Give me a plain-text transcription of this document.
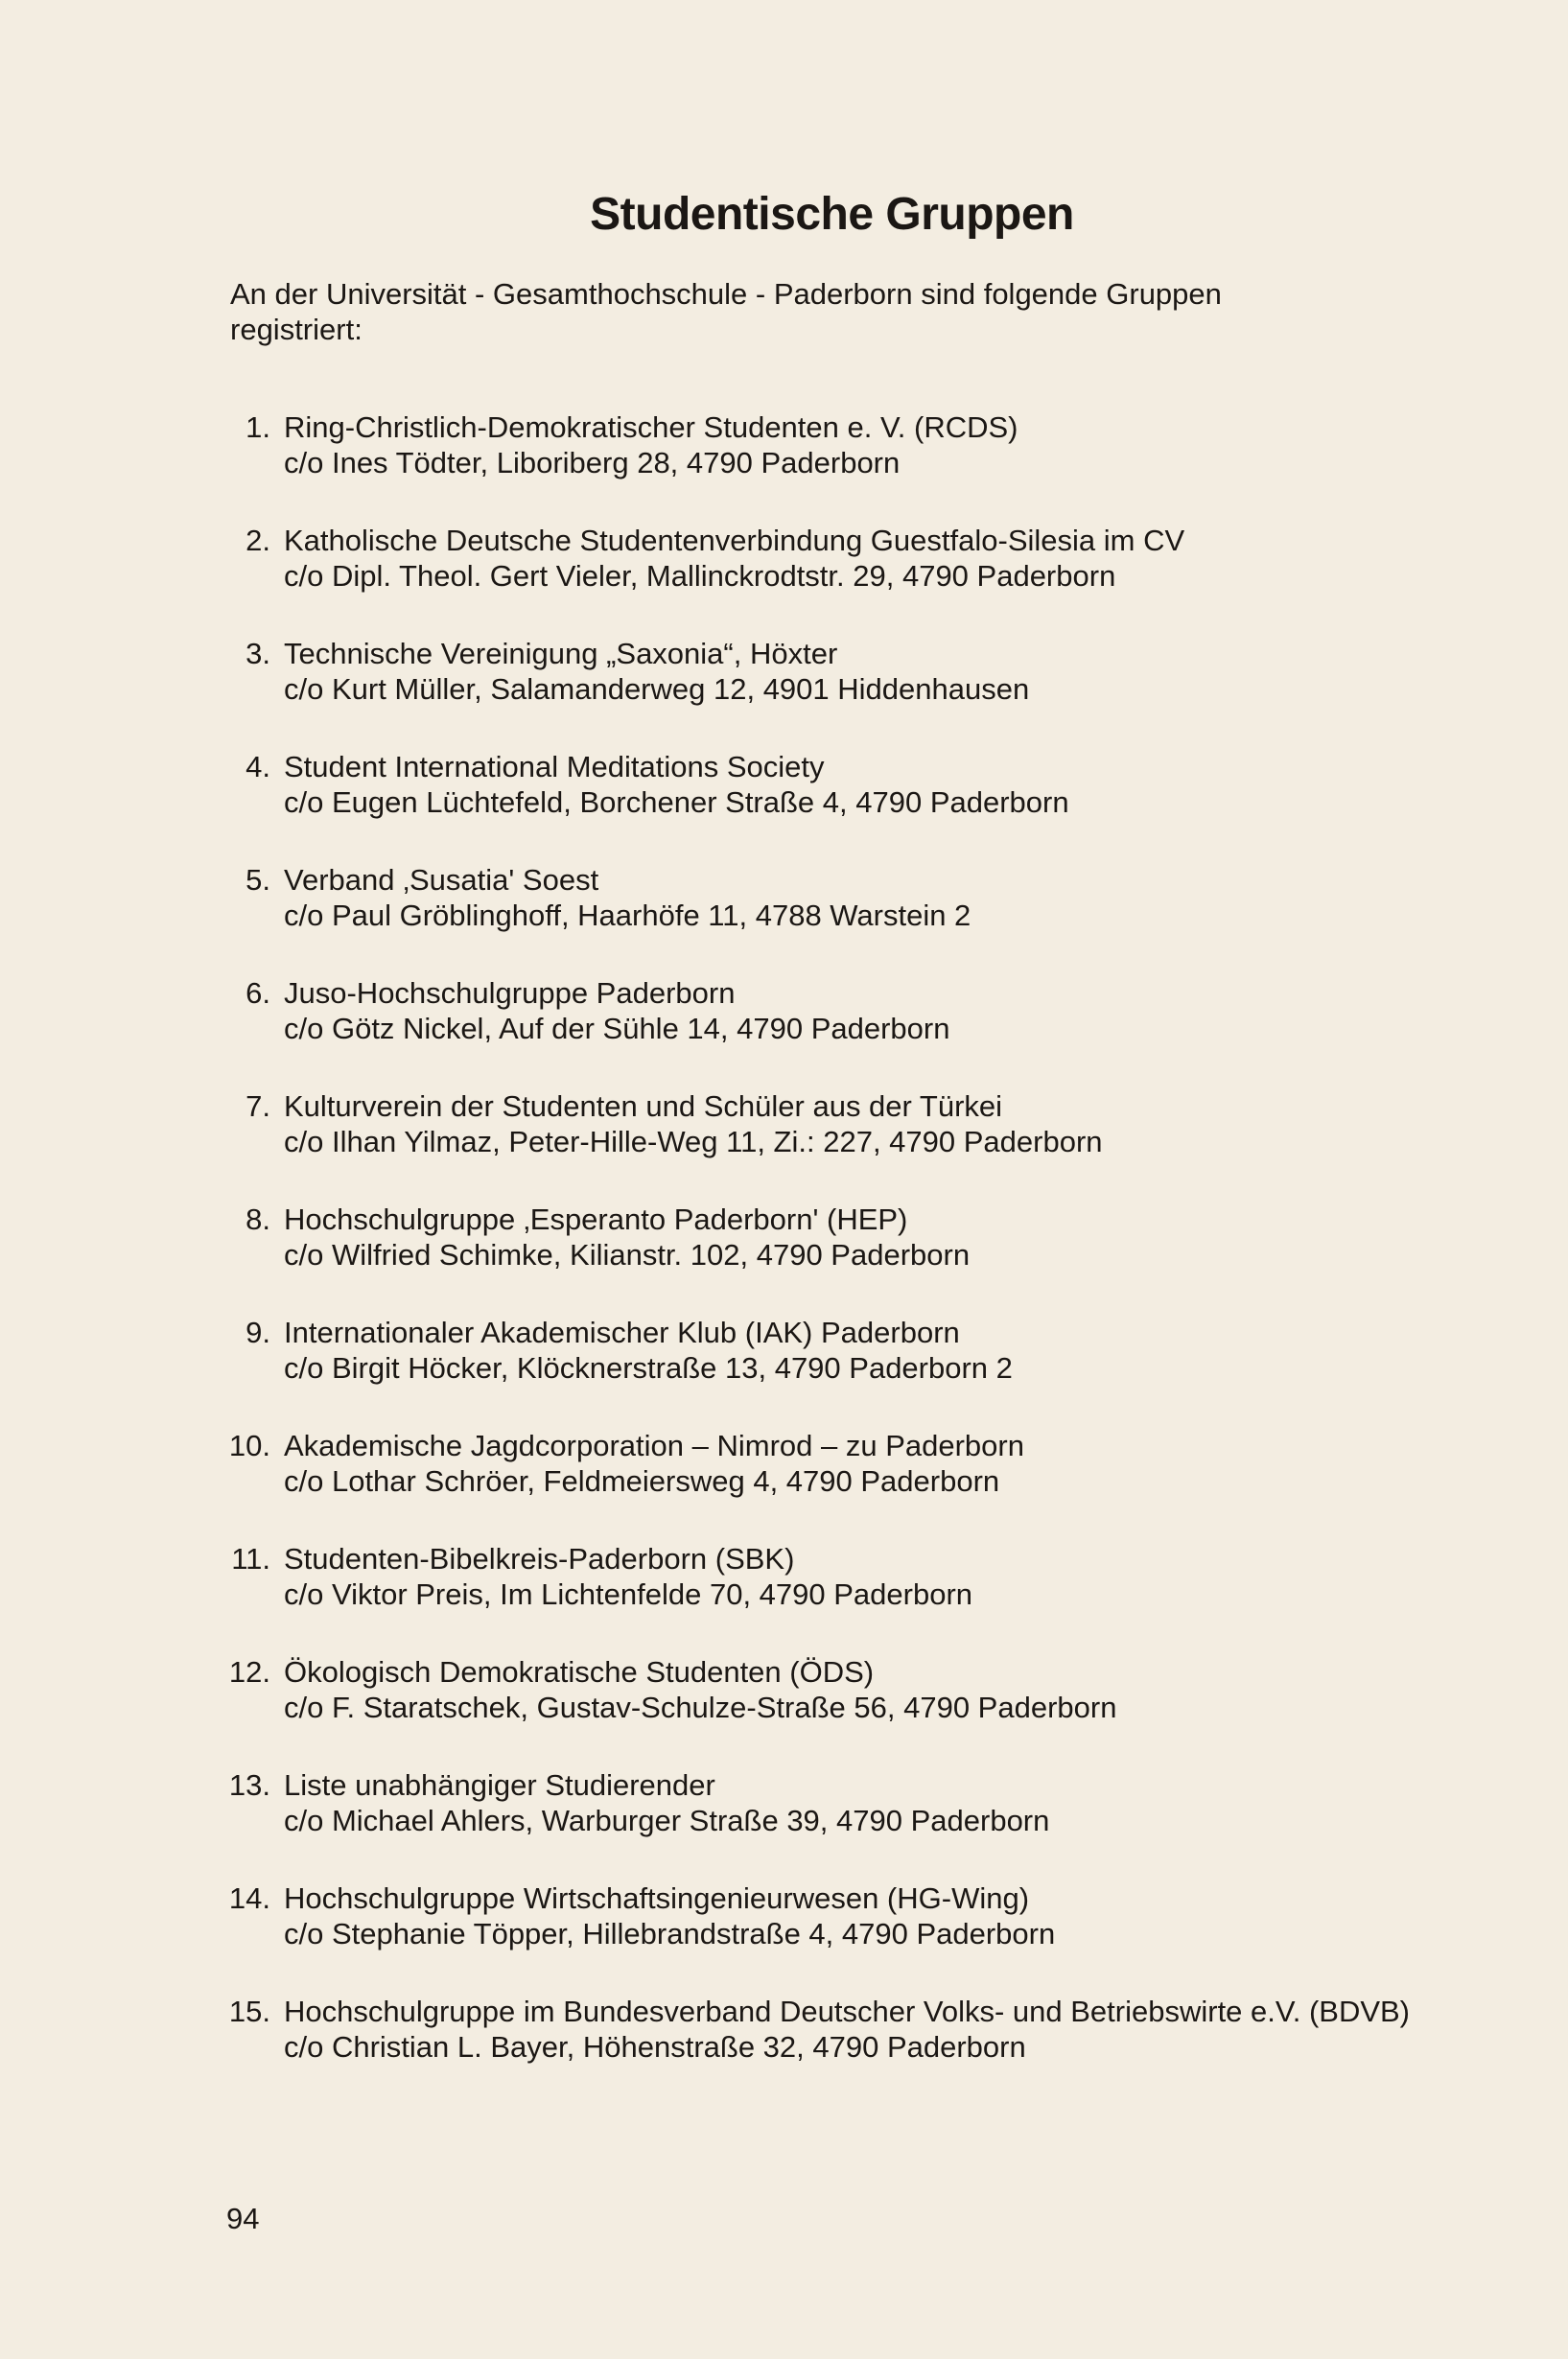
Studentische Gruppen
An der Universität - Gesamthochschule - Paderborn sind folgende Gruppen registriert:
1. Ring-Christlich-Demokratischer Studenten e. V. (RCDS)
c/o Ines Tödter, Liboriberg 28, 4790 Paderborn
2. Katholische Deutsche Studentenverbindung Guestfalo-Silesia im CV
c/o Dipl. Theol. Gert Vieler, Mallinckrodtstr. 29, 4790 Paderborn
3. Technische Vereinigung „Saxonia“, Höxter
c/o Kurt Müller, Salamanderweg 12, 4901 Hiddenhausen
4. Student International Meditations Society
c/o Eugen Lüchtefeld, Borchener Straße 4, 4790 Paderborn
5. Verband ‚Susatia' Soest
c/o Paul Gröblinghoff, Haarhöfe 11, 4788 Warstein 2
6. Juso-Hochschulgruppe Paderborn
c/o Götz Nickel, Auf der Sühle 14, 4790 Paderborn
7. Kulturverein der Studenten und Schüler aus der Türkei
c/o Ilhan Yilmaz, Peter-Hille-Weg 11, Zi.: 227, 4790 Paderborn
8. Hochschulgruppe ‚Esperanto Paderborn' (HEP)
c/o Wilfried Schimke, Kilianstr. 102, 4790 Paderborn
9. Internationaler Akademischer Klub (IAK) Paderborn
c/o Birgit Höcker, Klöcknerstraße 13, 4790 Paderborn 2
10. Akademische Jagdcorporation – Nimrod – zu Paderborn
c/o Lothar Schröer, Feldmeiersweg 4, 4790 Paderborn
11. Studenten-Bibelkreis-Paderborn (SBK)
c/o Viktor Preis, Im Lichtenfelde 70, 4790 Paderborn
12. Ökologisch Demokratische Studenten (ÖDS)
c/o F. Staratschek, Gustav-Schulze-Straße 56, 4790 Paderborn
13. Liste unabhängiger Studierender
c/o Michael Ahlers, Warburger Straße 39, 4790 Paderborn
14. Hochschulgruppe Wirtschaftsingenieurwesen (HG-Wing)
c/o Stephanie Töpper, Hillebrandstraße 4, 4790 Paderborn
15. Hochschulgruppe im Bundesverband Deutscher Volks- und Betriebswirte e.V. (BDVB)
c/o Christian L. Bayer, Höhenstraße 32, 4790 Paderborn
94
